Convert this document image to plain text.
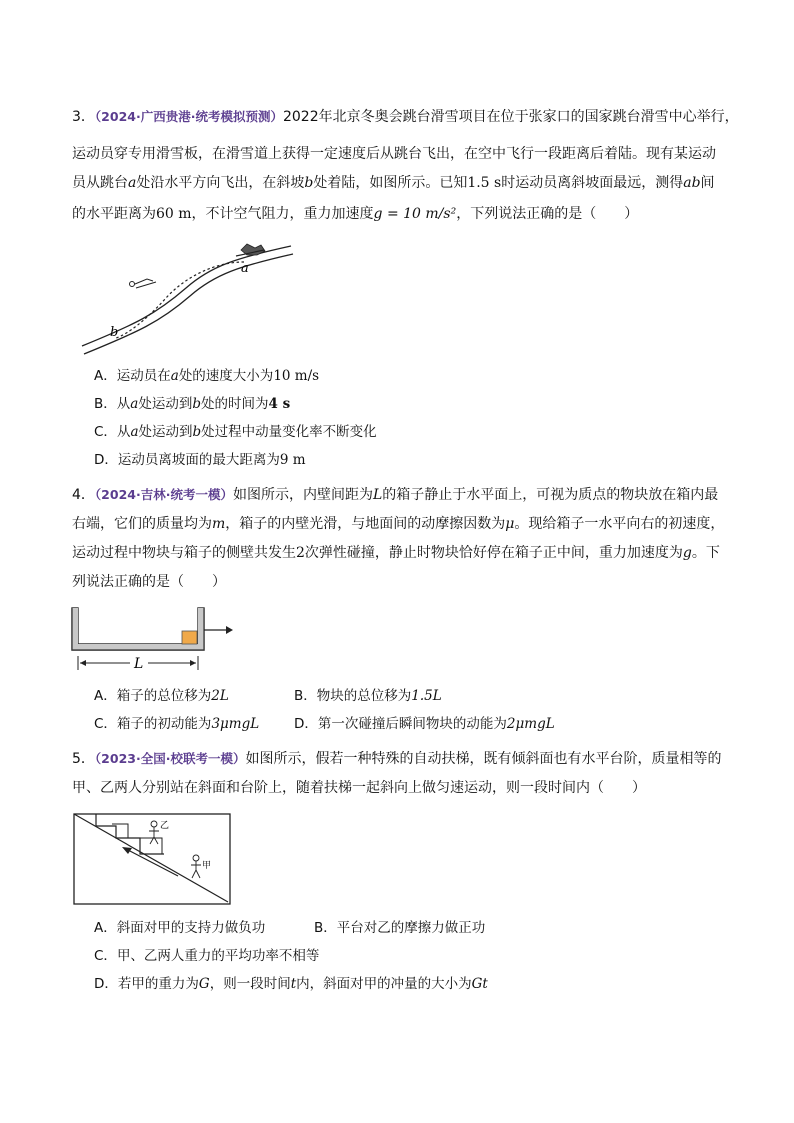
3．（2024·广西贵港·统考模拟预测）2022年北京冬奥会跳台滑雪项目在位于张家口的国家跳台滑雪中心举行，
运动员穿专用滑雪板，在滑雪道上获得一定速度后从跳台飞出，在空中飞行一段距离后着陆。现有某运动
员从跳台a处沿水平方向飞出，在斜坡b处着陆，如图所示。已知1.5 s时运动员离斜坡面最远，测得ab间
的水平距离为60 m，不计空气阻力，重力加速度g = 10 m/s²，下列说法正确的是（　　）
a
b
A．运动员在a处的速度大小为10 m/s
B．从a处运动到b处的时间为4 s
C．从a处运动到b处过程中动量变化率不断变化
D．运动员离坡面的最大距离为9 m
4．（2024·吉林·统考一模）如图所示，内壁间距为L的箱子静止于水平面上，可视为质点的物块放在箱内最
右端，它们的质量均为m，箱子的内壁光滑，与地面间的动摩擦因数为μ。现给箱子一水平向右的初速度，
运动过程中物块与箱子的侧壁共发生2次弹性碰撞，静止时物块恰好停在箱子正中间，重力加速度为g。下
列说法正确的是（　　）
L
A．箱子的总位移为2L	B．物块的总位移为1.5L
C．箱子的初动能为3μmgL	D．第一次碰撞后瞬间物块的动能为2μmgL
5．（2023·全国·校联考一模）如图所示，假若一种特殊的自动扶梯，既有倾斜面也有水平台阶，质量相等的
甲、乙两人分别站在斜面和台阶上，随着扶梯一起斜向上做匀速运动，则一段时间内（　　）
乙
甲
A．斜面对甲的支持力做负功	B．平台对乙的摩擦力做正功
C．甲、乙两人重力的平均功率不相等
D．若甲的重力为G，则一段时间t内，斜面对甲的冲量的大小为Gt
